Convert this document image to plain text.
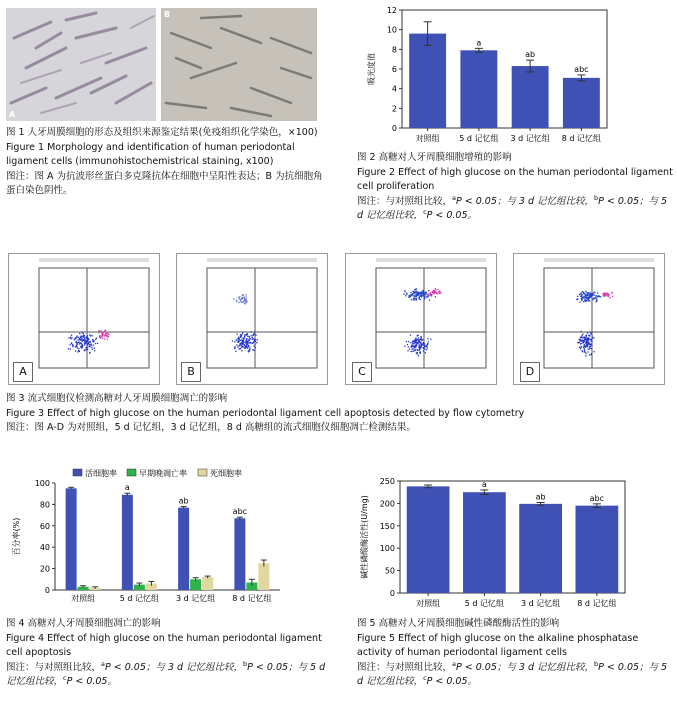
A
B
图 1 人牙周膜细胞的形态及组织来源鉴定结果(免疫组织化学染色，×100)
Figure 1 Morphology and identification of human periodontal ligament cells (immunohistochemistrical staining, x100)
图注：图 A 为抗波形丝蛋白多克隆抗体在细胞中呈阳性表达；B 为抗细胞角蛋白染色阴性。
0
2
4
6
8
10
12
对照组
a
5 d 记忆组
ab
3 d 记忆组
abc
8 d 记忆组
吸光度值
图 2 高糖对人牙周膜细胞增殖的影响
Figure 2 Effect of high glucose on the human periodontal ligament cell proliferation
图注：与对照组比较，$^a$P < 0.05；与 3 d 记忆组比较，$^b$P < 0.05；与 5 d 记忆组比较，$^c$P < 0.05。
A	B	C	D
图 3 流式细胞仪检测高糖对人牙周膜细胞凋亡的影响
Figure 3 Effect of high glucose on the human periodontal ligament cell apoptosis detected by flow cytometry
图注：图 A-D 为对照组，5 d 记忆组，3 d 记忆组，8 d 高糖组的流式细胞仪细胞凋亡检测结果。
0
20
40
60
80
100
对照组
a
5 d 记忆组
ab
3 d 记忆组
abc
8 d 记忆组
百分率(%)
活细胞率	早期晚凋亡率	死细胞率
图 4 高糖对人牙周膜细胞凋亡的影响
Figure 4 Effect of high glucose on the human periodontal ligament cell apoptosis
图注：与对照组比较，$^a$P < 0.05；与 3 d 记忆组比较，$^b$P < 0.05；与 5 d 记忆组比较，$^c$P < 0.05。
0
50
100
150
200
250
对照组
a
5 d 记忆组
ab
3 d 记忆组
abc
8 d 记忆组
碱性磷酸酶活性(U/mg)
图 5 高糖对人牙周膜细胞碱性磷酸酶活性的影响
Figure 5 Effect of high glucose on the alkaline phosphatase activity of human periodontal ligament cells
图注：与对照组比较，$^a$P < 0.05；与 3 d 记忆组比较，$^b$P < 0.05；与 5 d 记忆组比较，$^c$P < 0.05。
